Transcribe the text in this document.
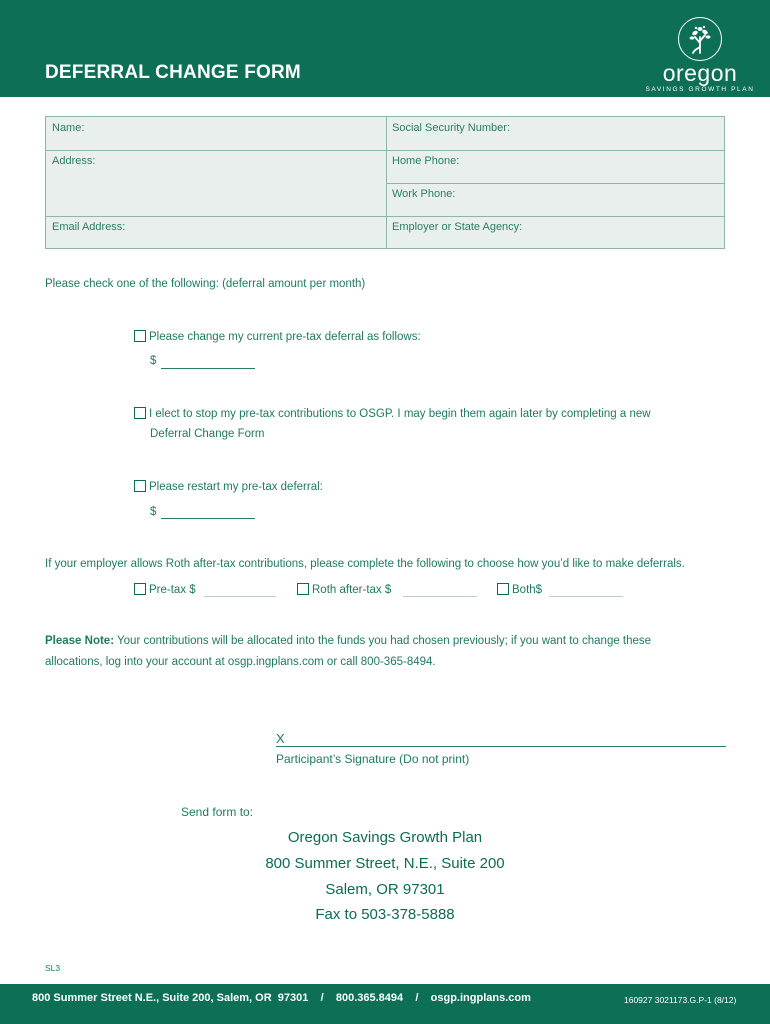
DEFERRAL CHANGE FORM	oregon
SAVINGS GROWTH PLAN
Name:	Social Security Number:
Address:	Home Phone:
Work Phone:
Email Address:	Employer or State Agency:
Please check one of the following: (deferral amount per month)
Please change my current pre-tax deferral as follows:
$
I elect to stop my pre-tax contributions to OSGP. I may begin them again later by completing a new
Deferral Change Form
Please restart my pre-tax deferral:
$
If your employer allows Roth after-tax contributions, please complete the following to choose how you’d like to make deferrals.
Pre-tax $	Roth after-tax $	Both$
Please Note: Your contributions will be allocated into the funds you had chosen previously; if you want to change these
allocations, log into your account at osgp.ingplans.com or call 800-365-8494.
X
Participant’s Signature (Do not print)
Send form to:
Oregon Savings Growth Plan
800 Summer Street, N.E., Suite 200
Salem, OR 97301
Fax to 503-378-5888
SL3
800 Summer Street N.E., Suite 200, Salem, OR  97301    /    800.365.8494    /    osgp.ingplans.com	160927 3021173.G.P-1 (8/12)
